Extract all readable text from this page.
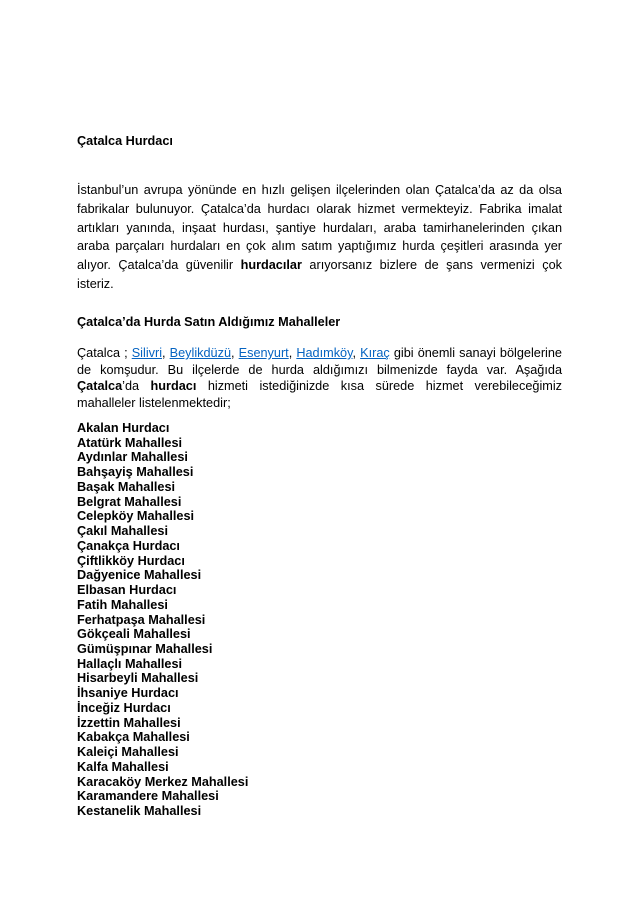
Çatalca Hurdacı
İstanbul’un avrupa yönünde en hızlı gelişen ilçelerinden olan Çatalca’da az da olsa
fabrikalar bulunuyor. Çatalca’da hurdacı olarak hizmet vermekteyiz. Fabrika imalat
artıkları yanında, inşaat hurdası, şantiye hurdaları, araba tamirhanelerinden çıkan
araba parçaları hurdaları en çok alım satım yaptığımız hurda çeşitleri arasında yer
alıyor. Çatalca’da güvenilir hurdacılar arıyorsanız bizlere de şans vermenizi çok
isteriz.
Çatalca’da Hurda Satın Aldığımız Mahalleler
Çatalca ; Silivri, Beylikdüzü, Esenyurt, Hadımköy, Kıraç gibi önemli sanayi bölgelerine
de komşudur. Bu ilçelerde de hurda aldığımızı bilmenizde fayda var. Aşağıda
Çatalca’da hurdacı hizmeti istediğinizde kısa sürede hizmet verebileceğimiz
mahalleler listelenmektedir;
Akalan Hurdacı
Atatürk Mahallesi
Aydınlar Mahallesi
Bahşayiş Mahallesi
Başak Mahallesi
Belgrat Mahallesi
Celepköy Mahallesi
Çakıl Mahallesi
Çanakça Hurdacı
Çiftlikköy Hurdacı
Dağyenice Mahallesi
Elbasan Hurdacı
Fatih Mahallesi
Ferhatpaşa Mahallesi
Gökçeali Mahallesi
Gümüşpınar Mahallesi
Hallaçlı Mahallesi
Hisarbeyli Mahallesi
İhsaniye Hurdacı
İnceğiz Hurdacı
İzzettin Mahallesi
Kabakça Mahallesi
Kaleiçi Mahallesi
Kalfa Mahallesi
Karacaköy Merkez Mahallesi
Karamandere Mahallesi
Kestanelik Mahallesi
